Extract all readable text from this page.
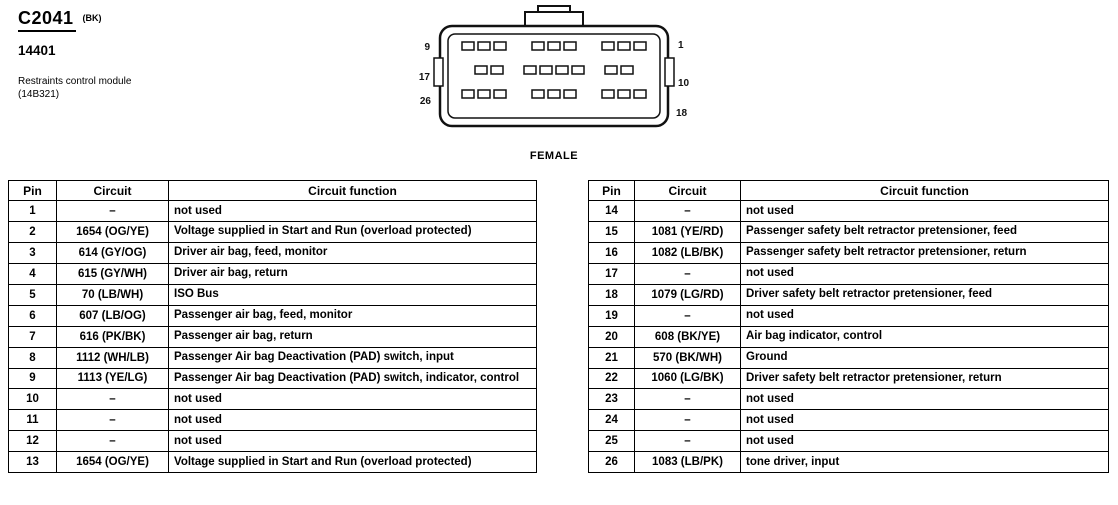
C2041 (BK)
14401
Restraints control module (14B321)
9	1
17
10
26
18
FEMALE
Pin	Circuit	Circuit function
1	–	not used
2	1654 (OG/YE)	Voltage supplied in Start and Run (overload protected)
3	614 (GY/OG)	Driver air bag, feed, monitor
4	615 (GY/WH)	Driver air bag, return
5	70 (LB/WH)	ISO Bus
6	607 (LB/OG)	Passenger air bag, feed, monitor
7	616 (PK/BK)	Passenger air bag, return
8	1112 (WH/LB)	Passenger Air bag Deactivation (PAD) switch, input
9	1113 (YE/LG)	Passenger Air bag Deactivation (PAD) switch, indicator, control
10	–	not used
11	–	not used
12	–	not used
13	1654 (OG/YE)	Voltage supplied in Start and Run (overload protected)
Pin	Circuit	Circuit function
14	–	not used
15	1081 (YE/RD)	Passenger safety belt retractor pretensioner, feed
16	1082 (LB/BK)	Passenger safety belt retractor pretensioner, return
17	–	not used
18	1079 (LG/RD)	Driver safety belt retractor pretensioner, feed
19	–	not used
20	608 (BK/YE)	Air bag indicator, control
21	570 (BK/WH)	Ground
22	1060 (LG/BK)	Driver safety belt retractor pretensioner, return
23	–	not used
24	–	not used
25	–	not used
26	1083 (LB/PK)	tone driver, input
